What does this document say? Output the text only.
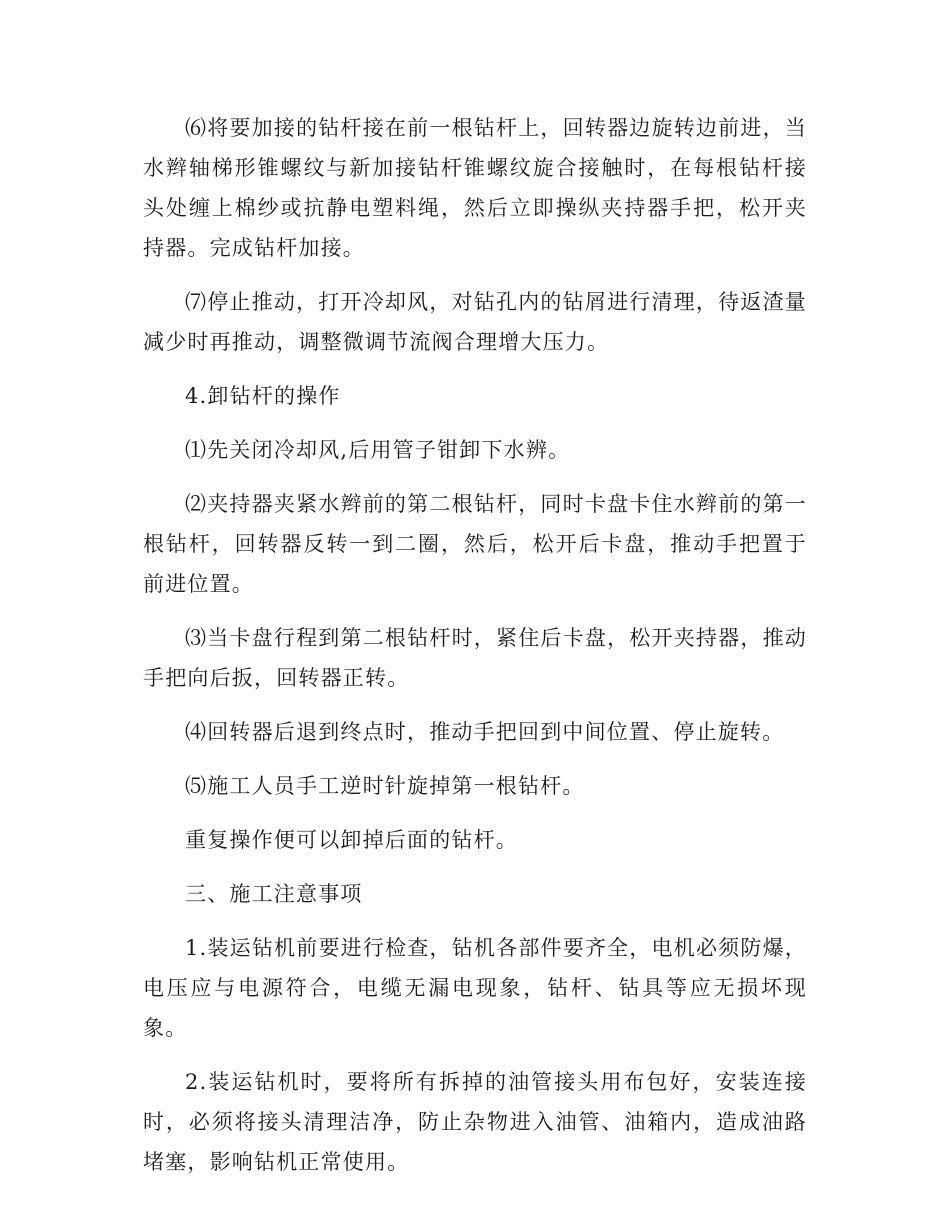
⑹将要加接的钻杆接在前一根钻杆上，回转器边旋转边前进，当水辫轴梯形锥螺纹与新加接钻杆锥螺纹旋合接触时，在每根钻杆接头处缠上棉纱或抗静电塑料绳，然后立即操纵夹持器手把，松开夹持器。完成钻杆加接。

⑺停止推动，打开冷却风，对钻孔内的钻屑进行清理，待返渣量减少时再推动，调整微调节流阀合理增大压力。

4.卸钻杆的操作

⑴先关闭冷却风,后用管子钳卸下水辨。

⑵夹持器夹紧水辫前的第二根钻杆，同时卡盘卡住水辫前的第一根钻杆，回转器反转一到二圈，然后，松开后卡盘，推动手把置于前进位置。

⑶当卡盘行程到第二根钻杆时，紧住后卡盘，松开夹持器，推动手把向后扳，回转器正转。

⑷回转器后退到终点时，推动手把回到中间位置、停止旋转。

⑸施工人员手工逆时针旋掉第一根钻杆。

重复操作便可以卸掉后面的钻杆。

三、施工注意事项

1.装运钻机前要进行检查，钻机各部件要齐全，电机必须防爆，电压应与电源符合，电缆无漏电现象，钻杆、钻具等应无损坏现象。

2.装运钻机时，要将所有拆掉的油管接头用布包好，安装连接时，必须将接头清理洁净，防止杂物进入油管、油箱内，造成油路堵塞，影响钻机正常使用。
